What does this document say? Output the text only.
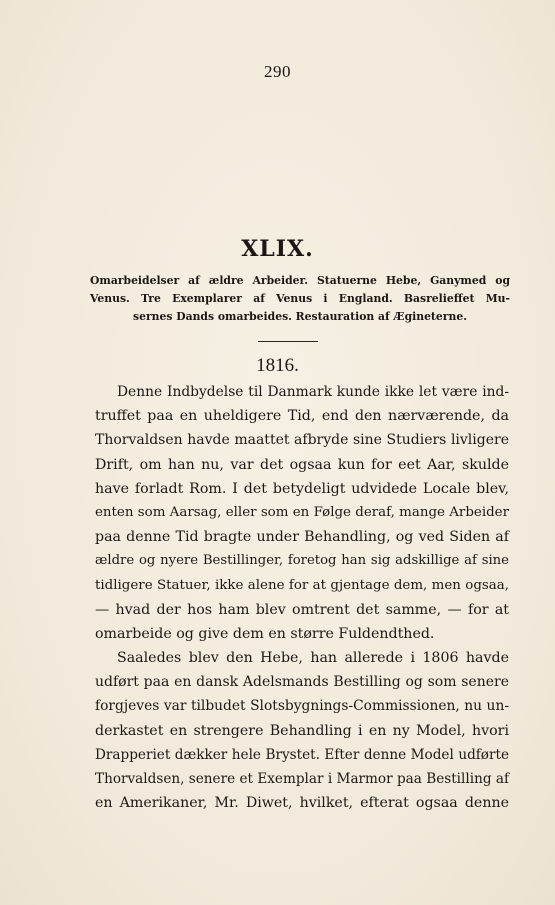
290
XLIX.
Omarbeidelser af ældre Arbeider. Statuerne Hebe, Ganymed og
Venus. Tre Exemplarer af Venus i England. Basrelieffet Mu-
sernes Dands omarbeides. Restauration af Ægineterne.
1816.
Denne Indbydelse til Danmark kunde ikke let være ind-
truffet paa en uheldigere Tid, end den nærværende, da
Thorvaldsen havde maattet afbryde sine Studiers livligere
Drift, om han nu, var det ogsaa kun for eet Aar, skulde
have forladt Rom. I det betydeligt udvidede Locale blev,
enten som Aarsag, eller som en Følge deraf, mange Arbeider
paa denne Tid bragte under Behandling, og ved Siden af
ældre og nyere Bestillinger, foretog han sig adskillige af sine
tidligere Statuer, ikke alene for at gjentage dem, men ogsaa,
— hvad der hos ham blev omtrent det samme, — for at
omarbeide og give dem en større Fuldendthed.
Saaledes blev den Hebe, han allerede i 1806 havde
udført paa en dansk Adelsmands Bestilling og som senere
forgjeves var tilbudet Slotsbygnings-Commissionen, nu un-
derkastet en strengere Behandling i en ny Model, hvori
Drapperiet dækker hele Brystet. Efter denne Model udførte
Thorvaldsen, senere et Exemplar i Marmor paa Bestilling af
en Amerikaner, Mr. Diwet, hvilket, efterat ogsaa denne
